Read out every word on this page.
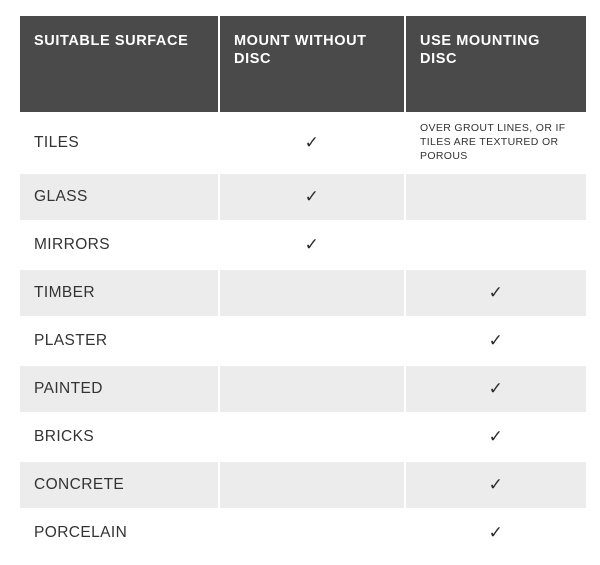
SUITABLE SURFACE	MOUNT WITHOUT DISC	USE MOUNTING DISC
TILES	✓	OVER GROUT LINES, OR IF TILES ARE TEXTURED OR POROUS
GLASS	✓	
MIRRORS	✓	
TIMBER		✓
PLASTER		✓
PAINTED		✓
BRICKS		✓
CONCRETE		✓
PORCELAIN		✓
